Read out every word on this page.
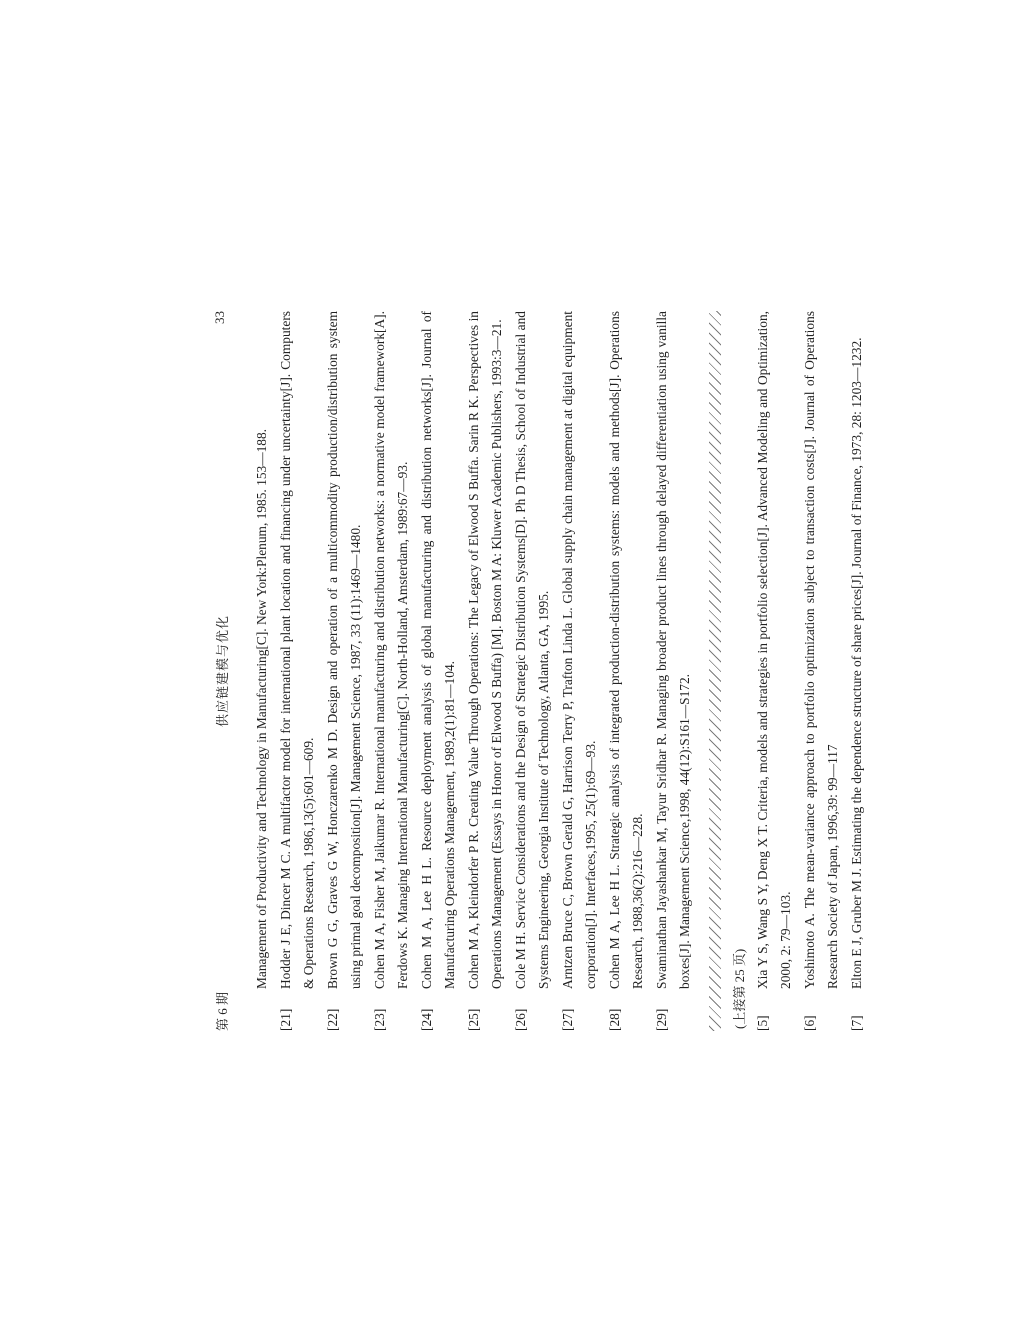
第 6 期
供应链建模与优化
33
Management of Productivity and Technology in Manufacturing[C]. New York:Plenum, 1985. 153—188.
[21]
Hodder J E, Dincer M C. A multifactor model for international plant location and financing under uncertainty[J]. Computers & Operations Research, 1986,13(5):601—609.
[22]
Brown G G, Graves G W, Honczarenko M D. Design and operation of a multicommodity production/distribution system using primal goal decomposition[J]. Management Science, 1987, 33 (11):1469—1480.
[23]
Cohen M A, Fisher M, Jaikumar R. International manufacturing and distribution networks: a normative model framework[A]. Ferdows K. Managing International Manufacturing[C]. North-Holland, Amsterdam, 1989:67—93.
[24]
Cohen M A, Lee H L. Resource deployment analysis of global manufacturing and distribution networks[J]. Journal of Manufacturing Operations Management, 1989,2(1):81—104.
[25]
Cohen M A, Kleindorfer P R. Creating Value Through Operations: The Legacy of Elwood S Buffa. Sarin R K. Perspectives in Operations Management (Essays in Honor of Elwood S Buffa) [M]. Boston M A: Kluwer Academic Publishers, 1993:3—21.
[26]
Cole M H. Service Considerations and the Design of Strategic Distribution Systems[D]. Ph D Thesis, School of Industrial and Systems Engineering, Georgia Institute of Technology, Atlanta, GA, 1995.
[27]
Arntzen Bruce C, Brown Gerald G, Harrison Terry P, Trafton Linda L. Global supply chain management at digital equipment corporation[J]. Interfaces,1995, 25(1):69—93.
[28]
Cohen M A, Lee H L. Strategic analysis of integrated production-distribution systems: models and methods[J]. Operations Research, 1988,36(2):216—228.
[29]
Swaminathan Jayashankar M, Tayur Sridhar R. Managing broader product lines through delayed differentiation using vanilla boxes[J]. Management Science,1998, 44(12):S161—S172.	(上接第 25 页) [5]
Xia Y S, Wang S Y, Deng X T. Criteria, models and strategies in portfolio selection[J]. Advanced Modeling and Optimization, 2000, 2: 79—103.
[6]
Yoshimoto A. The mean-variance approach to portfolio optimization subject to transaction costs[J]. Journal of Operations Research Society of Japan, 1996,39: 99—117
[7]
Elton E J, Gruber M J. Estimating the dependence structure of share prices[J]. Journal of Finance, 1973, 28: 1203—1232.
